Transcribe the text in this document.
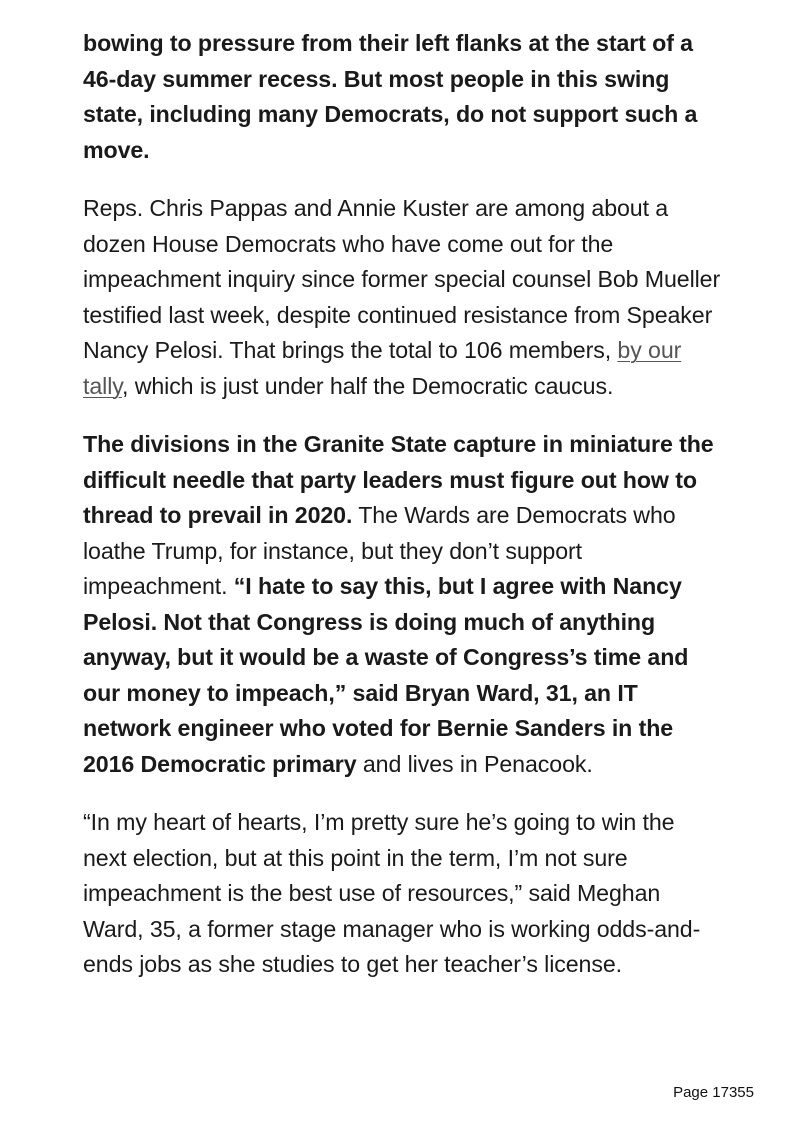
bowing to pressure from their left flanks at the start of a 46-day summer recess. But most people in this swing state, including many Democrats, do not support such a move.

Reps. Chris Pappas and Annie Kuster are among about a dozen House Democrats who have come out for the impeachment inquiry since former special counsel Bob Mueller testified last week, despite continued resistance from Speaker Nancy Pelosi. That brings the total to 106 members, by our tally, which is just under half the Democratic caucus.

The divisions in the Granite State capture in miniature the difficult needle that party leaders must figure out how to thread to prevail in 2020. The Wards are Democrats who loathe Trump, for instance, but they don’t support impeachment. “I hate to say this, but I agree with Nancy Pelosi. Not that Congress is doing much of anything anyway, but it would be a waste of Congress’s time and our money to impeach,” said Bryan Ward, 31, an IT network engineer who voted for Bernie Sanders in the 2016 Democratic primary and lives in Penacook.

“In my heart of hearts, I’m pretty sure he’s going to win the next election, but at this point in the term, I’m not sure impeachment is the best use of resources,” said Meghan Ward, 35, a former stage manager who is working odds-and-ends jobs as she studies to get her teacher’s license.

Page 17355
